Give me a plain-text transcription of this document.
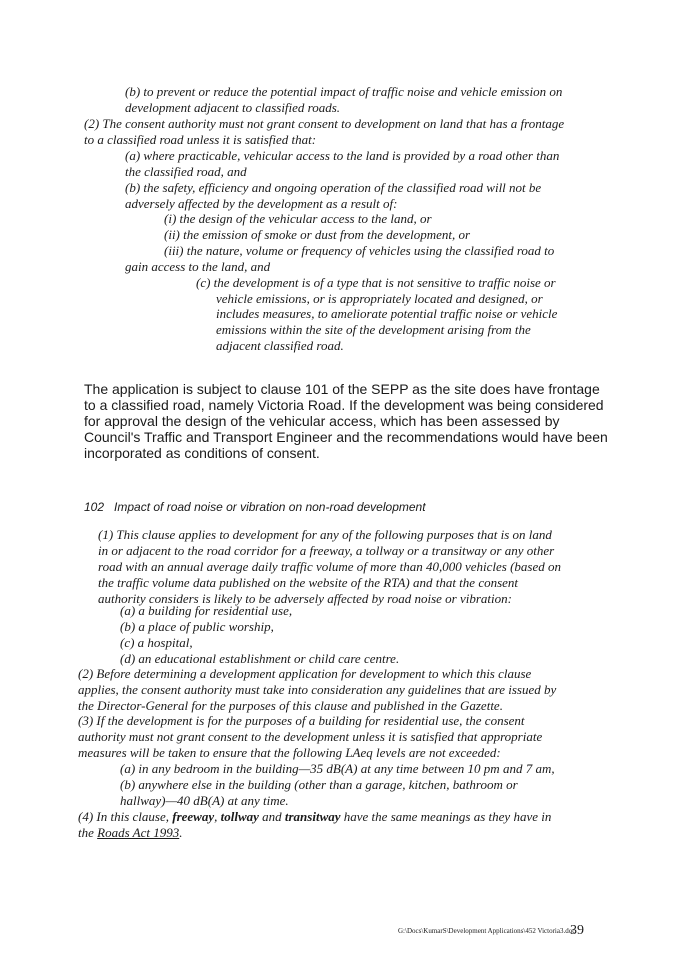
(b) to prevent or reduce the potential impact of traffic noise and vehicle emission on
development adjacent to classified roads.
(2) The consent authority must not grant consent to development on land that has a frontage
to a classified road unless it is satisfied that:
(a) where practicable, vehicular access to the land is provided by a road other than
the classified road, and
(b) the safety, efficiency and ongoing operation of the classified road will not be
adversely affected by the development as a result of:
(i) the design of the vehicular access to the land, or
(ii) the emission of smoke or dust from the development, or
(iii) the nature, volume or frequency of vehicles using the classified road to
gain access to the land, and
(c) the development is of a type that is not sensitive to traffic noise or
vehicle emissions, or is appropriately located and designed, or
includes measures, to ameliorate potential traffic noise or vehicle
emissions within the site of the development arising from the
adjacent classified road.
The application is subject to clause 101 of the SEPP as the site does have frontage
to a classified road, namely Victoria Road. If the development was being considered
for approval the design of the vehicular access, which has been assessed by
Council's Traffic and Transport Engineer and the recommendations would have been
incorporated as conditions of consent.
102   Impact of road noise or vibration on non-road development
(1) This clause applies to development for any of the following purposes that is on land
in or adjacent to the road corridor for a freeway, a tollway or a transitway or any other
road with an annual average daily traffic volume of more than 40,000 vehicles (based on
the traffic volume data published on the website of the RTA) and that the consent
authority considers is likely to be adversely affected by road noise or vibration:
(a) a building for residential use,
(b) a place of public worship,
(c) a hospital,
(d) an educational establishment or child care centre.
(2) Before determining a development application for development to which this clause
applies, the consent authority must take into consideration any guidelines that are issued by
the Director-General for the purposes of this clause and published in the Gazette.
(3) If the development is for the purposes of a building for residential use, the consent
authority must not grant consent to the development unless it is satisfied that appropriate
measures will be taken to ensure that the following LAeq levels are not exceeded:
(a) in any bedroom in the building—35 dB(A) at any time between 10 pm and 7 am,
(b) anywhere else in the building (other than a garage, kitchen, bathroom or
hallway)—40 dB(A) at any time.
(4) In this clause, freeway, tollway and transitway have the same meanings as they have in
the Roads Act 1993.
G:\Docs\KumarS\Development Applications\452 Victoria3.doc
39
